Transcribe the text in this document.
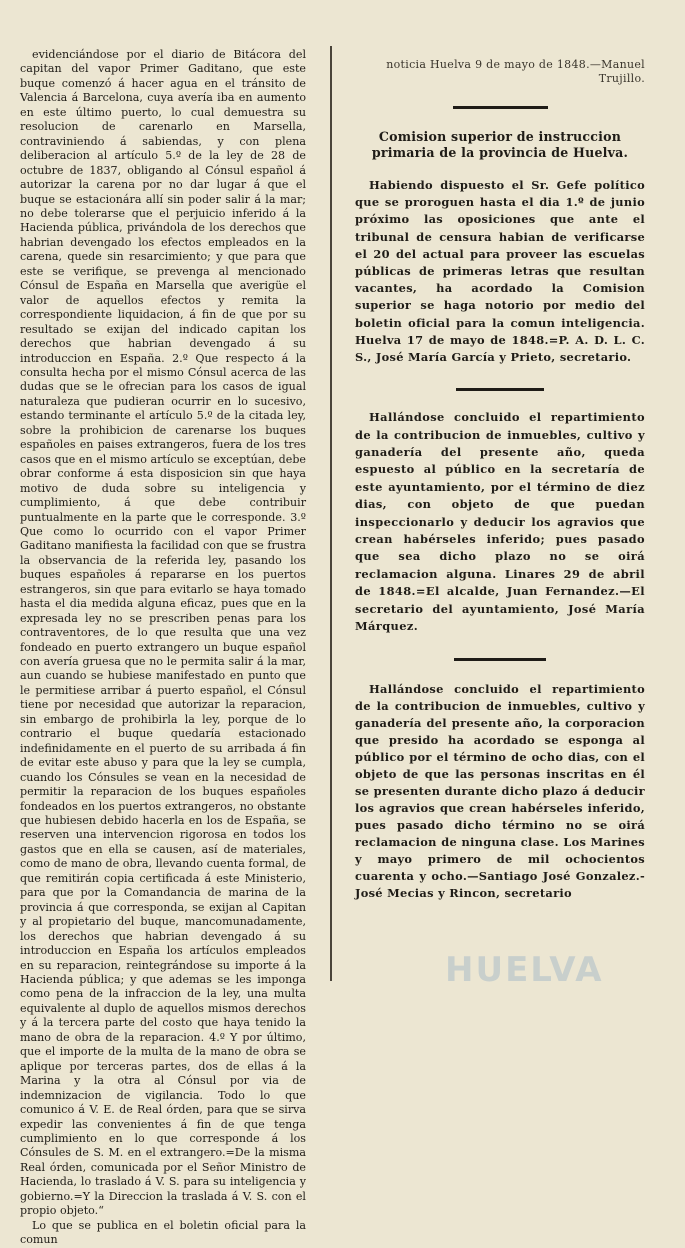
evidenciándose por el diario de Bitácora del capitan del vapor Primer Gaditano, que este buque comenzó á hacer agua en el tránsito de Valencia á Barcelona, cuya avería iba en aumento en este último puerto, lo cual demuestra su resolucion de carenarlo en Marsella, contraviniendo á sabiendas, y con plena deliberacion al artículo 5.º de la ley de 28 de octubre de 1837, obligando al Cónsul español á autorizar la carena por no dar lugar á que el buque se estacionára allí sin poder salir á la mar; no debe tolerarse que el perjuicio inferido á la Hacienda pública, privándola de los derechos que habrian devengado los efectos empleados en la carena, quede sin resarcimiento; y que para que este se verifique, se prevenga al mencionado Cónsul de España en Marsella que averigüe el valor de aquellos efectos y remita la correspondiente liquidacion, á fin de que por su resultado se exijan del indicado capitan los derechos que habrian devengado á su introduccion en España. 2.º Que respecto á la consulta hecha por el mismo Cónsul acerca de las dudas que se le ofrecian para los casos de igual naturaleza que pudieran ocurrir en lo sucesivo, estando terminante el artículo 5.º de la citada ley, sobre la prohibicion de carenarse los buques españoles en paises extrangeros, fuera de los tres casos que en el mismo artículo se exceptúan, debe obrar conforme á esta disposicion sin que haya motivo de duda sobre su inteligencia y cumplimiento, á que debe contribuir puntualmente en la parte que le corresponde. 3.º Que como lo ocurrido con el vapor Primer Gaditano manifiesta la facilidad con que se frustra la observancia de la referida ley, pasando los buques españoles á repararse en los puertos estrangeros, sin que para evitarlo se haya tomado hasta el dia medida alguna eficaz, pues que en la expresada ley no se prescriben penas para los contraventores, de lo que resulta que una vez fondeado en puerto extrangero un buque español con avería gruesa que no le permita salir á la mar, aun cuando se hubiese manifestado en punto que le permitiese arribar á puerto español, el Cónsul tiene por necesidad que autorizar la reparacion, sin embargo de prohibirla la ley, porque de lo contrario el buque quedaría estacionado indefinidamente en el puerto de su arribada á fin de evitar este abuso y para que la ley se cumpla, cuando los Cónsules se vean en la necesidad de permitir la reparacion de los buques españoles fondeados en los puertos extrangeros, no obstante que hubiesen debido hacerla en los de España, se reserven una intervencion rigorosa en todos los gastos que en ella se causen, así de materiales, como de mano de obra, llevando cuenta formal, de que remitirán copia certificada á este Ministerio, para que por la Comandancia de marina de la provincia á que corresponda, se exijan al Capitan y al propietario del buque, mancomunadamente, los derechos que habrian devengado á su introduccion en España los artículos empleados en su reparacion, reintegrándose su importe á la Hacienda pública; y que ademas se les imponga como pena de la infraccion de la ley, una multa equivalente al duplo de aquellos mismos derechos y á la tercera parte del costo que haya tenido la mano de obra de la reparacion. 4.º Y por último, que el importe de la multa de la mano de obra se aplique por terceras partes, dos de ellas á la Marina y la otra al Cónsul por via de indemnizacion de vigilancia. Todo lo que comunico á V. E. de Real órden, para que se sirva expedir las convenientes á fin de que tenga cumplimiento en lo que corresponde á los Cónsules de S. M. en el extrangero.=De la misma Real órden, comunicada por el Señor Ministro de Hacienda, lo traslado á V. S. para su inteligencia y gobierno.=Y la Direccion la traslada á V. S. con el propio objeto.“

Lo que se publica en el boletin oficial para la comun

noticia Huelva 9 de mayo de 1848.—Manuel Trujillo.

Comision superior de instruccion primaria de la provincia de Huelva.

Habiendo dispuesto el Sr. Gefe político que se proroguen hasta el dia 1.º de junio próximo las oposiciones que ante el tribunal de censura habian de verificarse el 20 del actual para proveer las escuelas públicas de primeras letras que resultan vacantes, ha acordado la Comision superior se haga notorio por medio del boletin oficial para la comun inteligencia. Huelva 17 de mayo de 1848.=P. A. D. L. C. S., José María García y Prieto, secretario.

Hallándose concluido el repartimiento de la contribucion de inmuebles, cultivo y ganadería del presente año, queda espuesto al público en la secretaría de este ayuntamiento, por el término de diez dias, con objeto de que puedan inspeccionarlo y deducir los agravios que crean habérseles inferido; pues pasado que sea dicho plazo no se oirá reclamacion alguna. Linares 29 de abril de 1848.=El alcalde, Juan Fernandez.—El secretario del ayuntamiento, José María Márquez.

Hallándose concluido el repartimiento de la contribucion de inmuebles, cultivo y ganadería del presente año, la corporacion que presido ha acordado se esponga al público por el término de ocho dias, con el objeto de que las personas inscritas en él se presenten durante dicho plazo á deducir los agravios que crean habérseles inferido, pues pasado dicho término no se oirá reclamacion de ninguna clase. Los Marines y mayo primero de mil ochocientos cuarenta y ocho.—Santiago José Gonzalez.-José Mecias y Rincon, secretario

HUELVA
